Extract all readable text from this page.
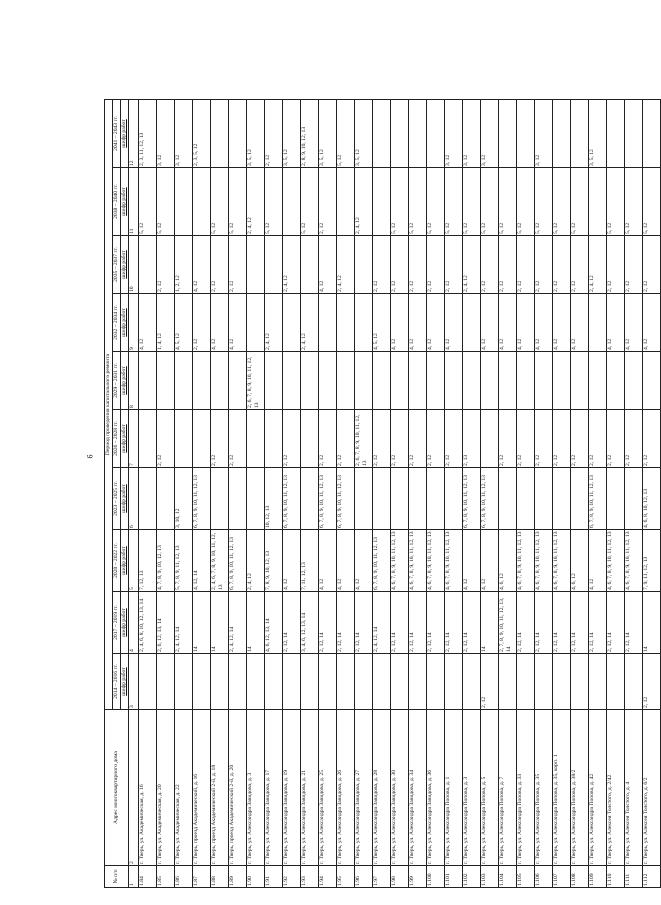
6
№ п/п	Адрес многоквартирного дома	Период проведения капитального ремонта									
		2014 – 2016 гг.	2017 – 2019 гг.	2020 – 2022 гг.	2023 – 2025 гг.	2026 – 2028 гг.	2029 – 2031 гг.	2032 – 2034 гг.	2035 – 2037 гг.	2038 – 2040 гг.	2041 – 2043 гг.
		шифр работ	шифр работ	шифр работ	шифр работ	шифр работ	шифр работ	шифр работ	шифр работ	шифр работ	шифр работ
1	2	3	4	5	6	7	8	9	10	11	12
1.84	г. Тверь, ул. Академическая, д. 16		2, 4, 6, 8, 10, 12, 13, 14	7, 12, 13				4, 12		5, 12	2, 3, 11, 12, 13
1.85	г. Тверь, ул. Академическая, д. 20		2, 6, 12, 13, 14	4, 7, 8, 9, 10, 12, 13		2, 12		1, 4, 12	2, 12	5, 12	3, 12
1.86	г. Тверь, ул. Академическая, д. 22		2, 4, 12, 14	5, 7, 8, 9, 11, 12, 13	3, 10, 12			4, 5, 12	1, 2, 12		3, 12
1.87	г. Тверь, проезд Академический, д. 16		14	4, 12, 14	6, 7, 8, 9, 10, 11, 12, 13			2, 12	4, 12		2, 3, 5, 12
1.88	г. Тверь, проезд Академический 2-й, д. 18		14	2, 4, 6, 7, 8, 9, 10, 11, 12, 13		2, 12		4, 12	2, 12	5, 12	
1.89	г. Тверь, проезд Академический 2-й, д. 20		2, 4, 12, 14	6, 7, 8, 9, 10, 11, 12, 13		2, 12		4, 12	2, 12	5, 12	
1.90	г. Тверь, ул. Александра Завидова, д. 3		14	2, 4, 12			2, 6, 7, 8, 9, 10, 11, 12, 13			2, 4, 12	3, 5, 12
1.91	г. Тверь, ул. Александра Завидова, д. 17		4, 6, 12, 13, 14	7, 8, 9, 10, 12, 13	10, 12, 13			2, 4, 12		5, 12	2, 12
1.92	г. Тверь, ул. Александра Завидова, д. 19		2, 12, 14	4, 12	6, 7, 8, 9, 10, 11, 12, 13	2, 12			2, 4, 12		3, 5, 12
1.93	г. Тверь, ул. Александра Завидова, д. 21		3, 4, 6, 12, 13, 14	7, 11, 12, 13				2, 4, 12		5, 12	2, 8, 9, 10, 12, 13
1.94	г. Тверь, ул. Александра Завидова, д. 25		2, 12, 14	4, 12	6, 7, 8, 9, 10, 11, 12, 13	2, 12			4, 12	2, 12	3, 5, 12
1.95	г. Тверь, ул. Александра Завидова, д. 26		2, 12, 14	4, 12	6, 7, 8, 9, 10, 11, 12, 13	2, 12			2, 4, 12		5, 12
1.96	г. Тверь, ул. Александра Завидова, д. 27		2, 12, 14	4, 12		2, 6, 7, 8, 9, 10, 11, 12, 13				2, 4, 12	3, 5, 12
1.97	г. Тверь, ул. Александра Завидова, д. 28		2, 4, 12, 14	6, 7, 8, 9, 10, 11, 12, 13		2, 12		4, 5, 12	2, 12		
1.98	г. Тверь, ул. Александра Завидова, д. 30		2, 12, 14	4, 6, 7, 8, 9, 10, 11, 12, 13		2, 12		4, 12	2, 12	5, 12	
1.99	г. Тверь, ул. Александра Завидова, д. 34		2, 12, 14	4, 6, 7, 8, 9, 10, 11, 12, 13		2, 12		4, 12	2, 12	5, 12	
1.100	г. Тверь, ул. Александра Завидова, д. 36		2, 12, 14	4, 6, 7, 8, 9, 10, 11, 12, 13		2, 12		4, 12	2, 12	5, 12	
1.101	г. Тверь, ул. Александра Попова, д. 1		2, 12, 14	4, 6, 7, 8, 9, 10, 11, 12, 13		2, 12		4, 12	2, 12	5, 12	3, 12
1.102	г. Тверь, ул. Александра Попова, д. 3		2, 12, 14	4, 12	6, 7, 8, 9, 10, 11, 12, 13	2, 13			2, 4, 12	5, 12	3, 12
1.103	г. Тверь, ул. Александра Попова, д. 5	2, 12	14	4, 12	6, 7, 8, 9, 10, 11, 12, 13			4, 12	2, 12	5, 12	3, 12
1.104	г. Тверь, ул. Александра Попова, д. 7		2, 7, 8, 9, 10, 11, 12, 13, 14	4, 6, 12		2, 12		4, 12	2, 12	5, 12	
1.105	г. Тверь, ул. Александра Попова, д. 33		2, 12, 14	4, 6, 7, 8, 9, 10, 11, 12, 13		2, 12		4, 12	2, 12	5, 12	
1.106	г. Тверь, ул. Александра Попова, д. 35		2, 12, 14	4, 6, 7, 8, 9, 10, 11, 12, 13		2, 12		4, 12	2, 12	5, 12	3, 12
1.107	г. Тверь, ул. Александра Попова, д. 35, корп. 1		2, 12, 14	4, 6, 7, 8, 9, 10, 11, 12, 13		2, 12		4, 12	2, 12	5, 12	
1.108	г. Тверь, ул. Александра Попова, д. 38/2		2, 12, 14	4, 6, 12		2, 12		4, 12	2, 12	5, 12	
1.109	г. Тверь, ул. Александра Попова, д. 42		2, 12, 14	4, 12	6, 7, 8, 9, 10, 11, 12, 13	2, 12			2, 4, 12		3, 5, 12
1.110	г. Тверь, ул. Алексея Толстого, д. 2/42		2, 12, 14	4, 6, 7, 8, 9, 10, 11, 12, 13		2, 12		4, 12	2, 12	5, 12	
1.111	г. Тверь, ул. Алексея Толстого, д. 4		2, 12, 14	4, 6, 7, 8, 9, 10, 11, 12, 13		2, 12		4, 12	2, 12	5, 12	
1.112	г. Тверь, ул. Алексея Толстого, д. 6/2	2, 12	14	7, 9, 11, 12, 13	4, 6, 8, 10, 12, 13	2, 12		4, 12	2, 12	5, 12	
